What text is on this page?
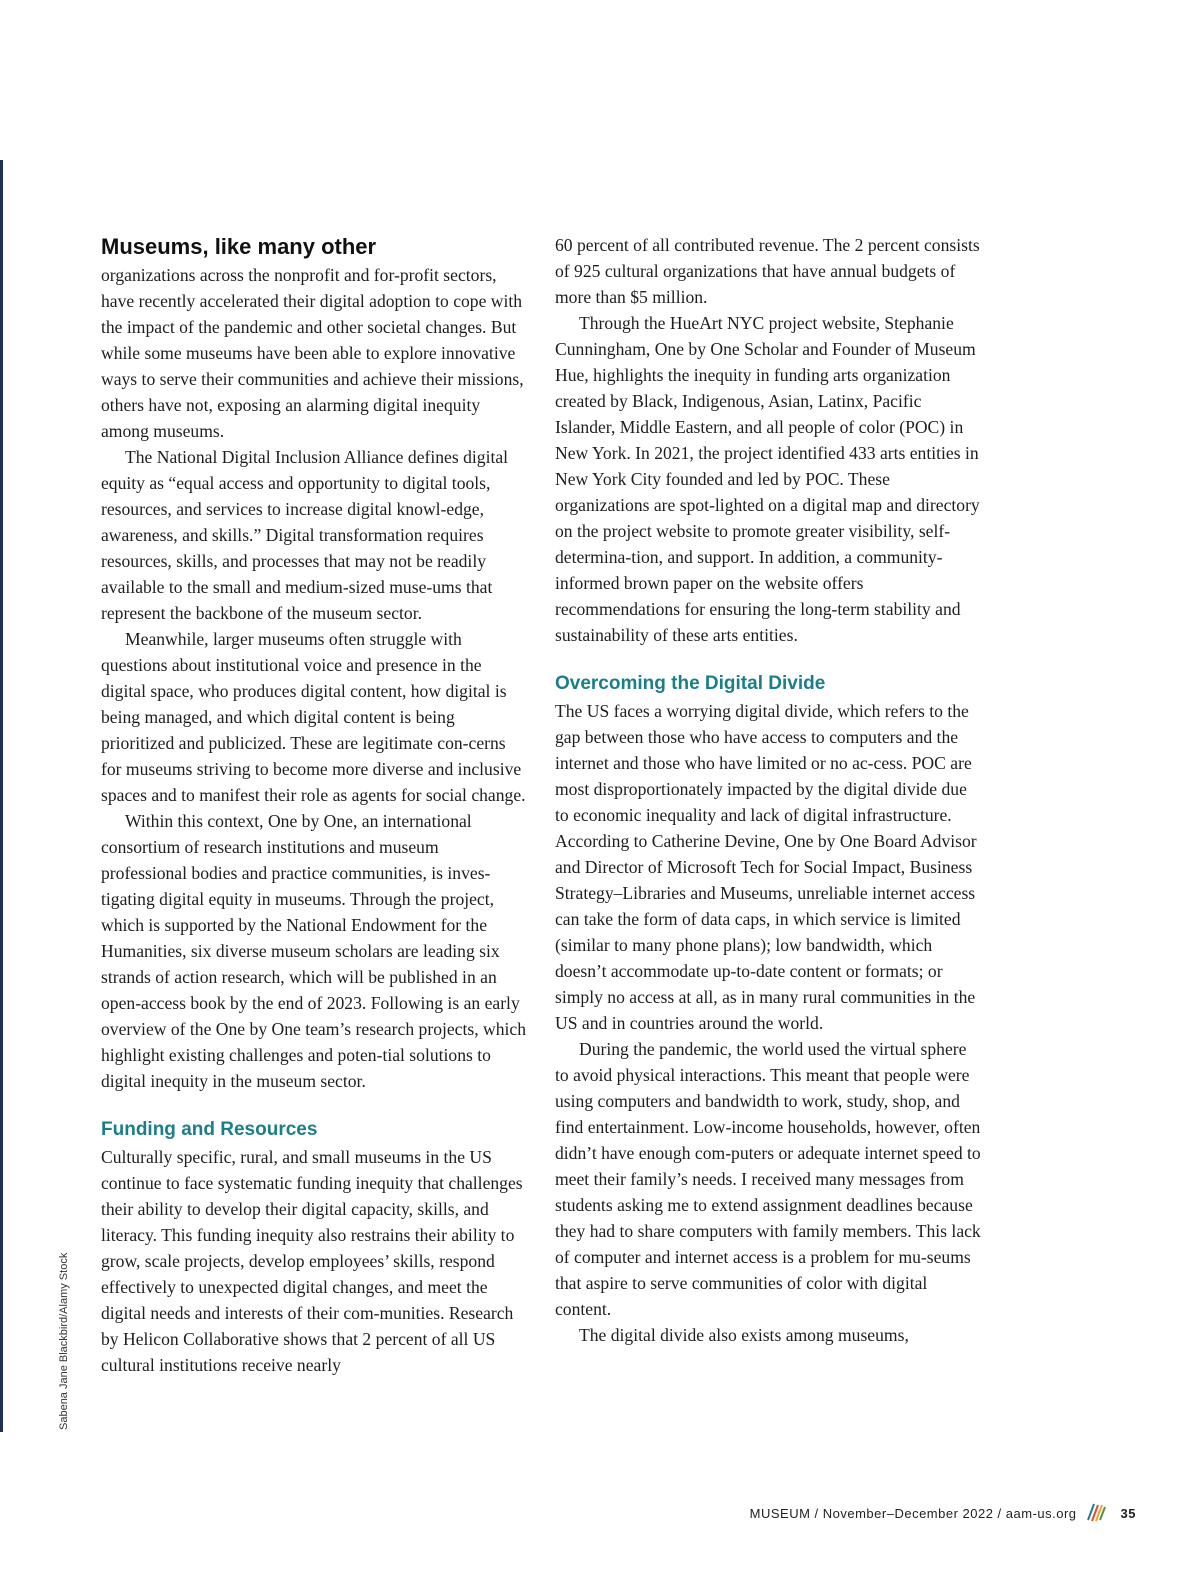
Sabena Jane Blackbird/Alamy Stock

Museums, like many other
organizations across the nonprofit and for-profit sectors, have recently accelerated their digital adoption to cope with the impact of the pandemic and other societal changes. But while some museums have been able to explore innovative ways to serve their communities and achieve their missions, others have not, exposing an alarming digital inequity among museums.

The National Digital Inclusion Alliance defines digital equity as “equal access and opportunity to digital tools, resources, and services to increase digital knowl-edge, awareness, and skills.” Digital transformation requires resources, skills, and processes that may not be readily available to the small and medium-sized muse-ums that represent the backbone of the museum sector.

Meanwhile, larger museums often struggle with questions about institutional voice and presence in the digital space, who produces digital content, how digital is being managed, and which digital content is being prioritized and publicized. These are legitimate con-cerns for museums striving to become more diverse and inclusive spaces and to manifest their role as agents for social change.

Within this context, One by One, an international consortium of research institutions and museum professional bodies and practice communities, is inves-tigating digital equity in museums. Through the project, which is supported by the National Endowment for the Humanities, six diverse museum scholars are leading six strands of action research, which will be published in an open-access book by the end of 2023. Following is an early overview of the One by One team’s research projects, which highlight existing challenges and poten-tial solutions to digital inequity in the museum sector.

Funding and Resources

Culturally specific, rural, and small museums in the US continue to face systematic funding inequity that challenges their ability to develop their digital capacity, skills, and literacy. This funding inequity also restrains their ability to grow, scale projects, develop employees’ skills, respond effectively to unexpected digital changes, and meet the digital needs and interests of their com-munities. Research by Helicon Collaborative shows that 2 percent of all US cultural institutions receive nearly

60 percent of all contributed revenue. The 2 percent consists of 925 cultural organizations that have annual budgets of more than $5 million.

Through the HueArt NYC project website, Stephanie Cunningham, One by One Scholar and Founder of Museum Hue, highlights the inequity in funding arts organization created by Black, Indigenous, Asian, Latinx, Pacific Islander, Middle Eastern, and all people of color (POC) in New York. In 2021, the project identified 433 arts entities in New York City founded and led by POC. These organizations are spot-lighted on a digital map and directory on the project website to promote greater visibility, self-determina-tion, and support. In addition, a community-informed brown paper on the website offers recommendations for ensuring the long-term stability and sustainability of these arts entities.

Overcoming the Digital Divide

The US faces a worrying digital divide, which refers to the gap between those who have access to computers and the internet and those who have limited or no ac-cess. POC are most disproportionately impacted by the digital divide due to economic inequality and lack of digital infrastructure. According to Catherine Devine, One by One Board Advisor and Director of Microsoft Tech for Social Impact, Business Strategy–Libraries and Museums, unreliable internet access can take the form of data caps, in which service is limited (similar to many phone plans); low bandwidth, which doesn’t accommodate up-to-date content or formats; or simply no access at all, as in many rural communities in the US and in countries around the world.

During the pandemic, the world used the virtual sphere to avoid physical interactions. This meant that people were using computers and bandwidth to work, study, shop, and find entertainment. Low-income households, however, often didn’t have enough com-puters or adequate internet speed to meet their family’s needs. I received many messages from students asking me to extend assignment deadlines because they had to share computers with family members. This lack of computer and internet access is a problem for mu-seums that aspire to serve communities of color with digital content.

The digital divide also exists among museums,

MUSEUM / November–December 2022 / aam-us.org	35
